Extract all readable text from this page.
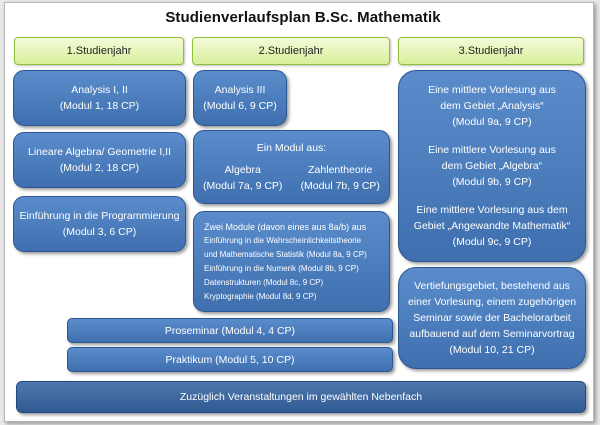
Studienverlaufsplan B.Sc. Mathematik
1.Studienjahr	2.Studienjahr	3.Studienjahr
Analysis I, II
(Modul 1, 18 CP)
Lineare Algebra/ Geometrie I,II
(Modul 2, 18 CP)
Einführung in die Programmierung
(Modul 3, 6 CP)
Analysis III
(Modul 6, 9 CP)
Ein Modul aus:
Algebra
(Modul 7a, 9 CP)
Zahlentheorie
(Modul 7b, 9 CP)
Zwei Module (davon eines aus 8a/b) aus
Einführung in die Wahrscheinlichkeitstheorie
und Mathematische Statistik (Modul 8a, 9 CP)
Einführung in die Numerik (Modul 8b, 9 CP)
Datenstrukturen (Modul 8c, 9 CP)
Kryptographie (Modul 8d, 9 CP)
Eine mittlere Vorlesung aus
dem Gebiet „Analysis“
(Modul 9a, 9 CP)
Eine mittlere Vorlesung aus
dem Gebiet „Algebra“
(Modul 9b, 9 CP)
Eine mittlere Vorlesung aus dem
Gebiet „Angewandte Mathematik“
(Modul 9c, 9 CP)
Vertiefungsgebiet, bestehend aus
einer Vorlesung, einem zugehörigen
Seminar sowie der Bachelorarbeit
aufbauend auf dem Seminarvortrag
(Modul 10, 21 CP)
Proseminar (Modul 4, 4 CP)
Praktikum (Modul 5, 10 CP)
Zuzüglich Veranstaltungen im gewählten Nebenfach
